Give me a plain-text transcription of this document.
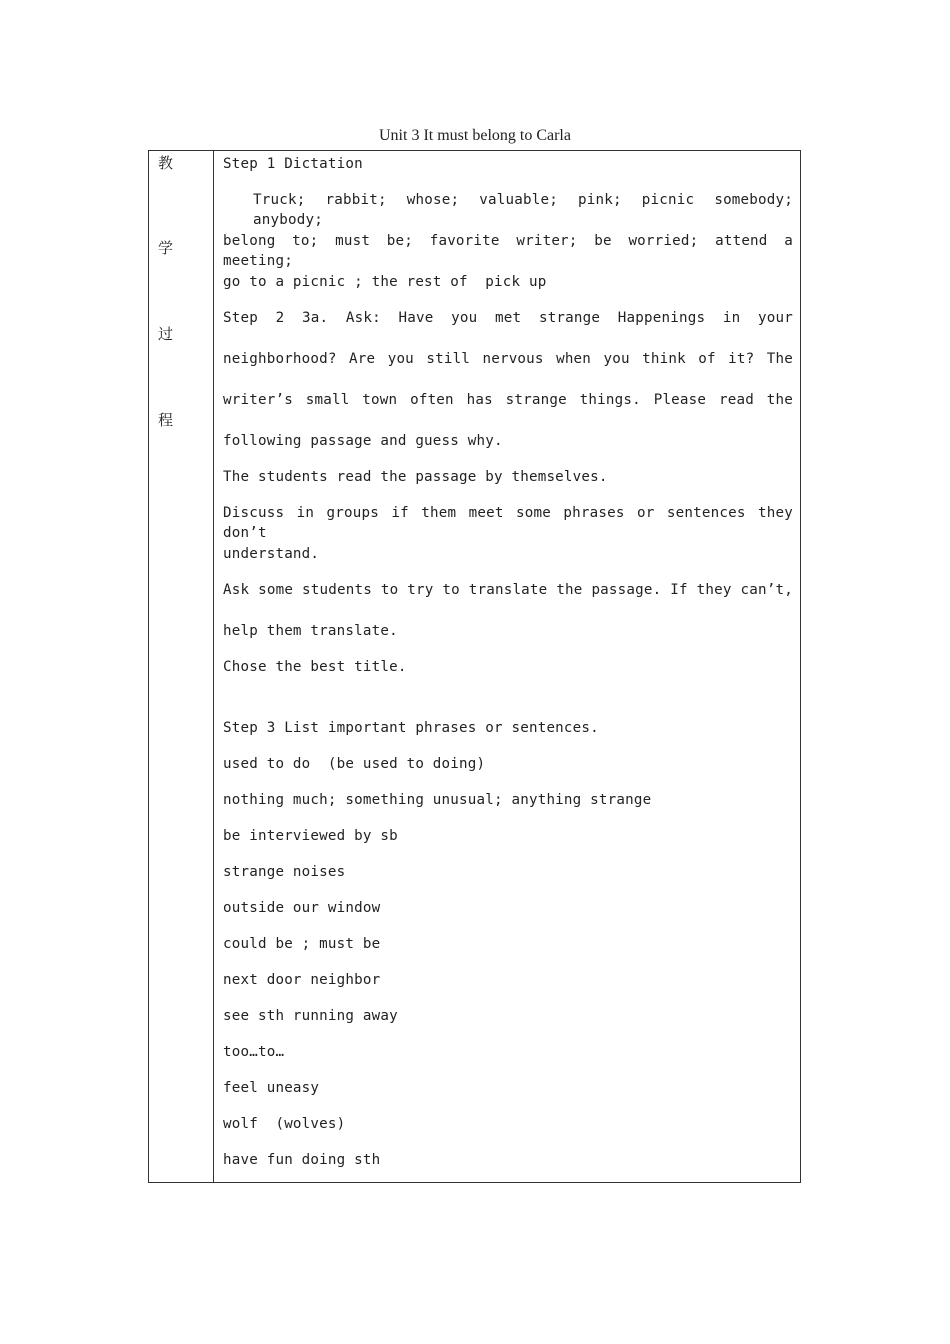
Unit 3 It must belong to Carla
教
学
过
程
Step 1 Dictation
Truck; rabbit; whose; valuable; pink; picnic somebody; anybody;
belong to; must be; favorite writer; be worried; attend a meeting;
go to a picnic ; the rest of  pick up
Step 2 3a. Ask: Have you met strange Happenings in your
neighborhood? Are you still nervous when you think of it? The
writer’s small town often has strange things. Please read the
following passage and guess why.
The students read the passage by themselves.
Discuss in groups if them meet some phrases or sentences they don’t
understand.
Ask some students to try to translate the passage. If they can’t,
help them translate.
Chose the best title.
Step 3 List important phrases or sentences.
used to do  (be used to doing)
nothing much; something unusual; anything strange
be interviewed by sb
strange noises
outside our window
could be ; must be
next door neighbor
see sth running away
too…to…
feel uneasy
wolf  (wolves)
have fun doing sth
